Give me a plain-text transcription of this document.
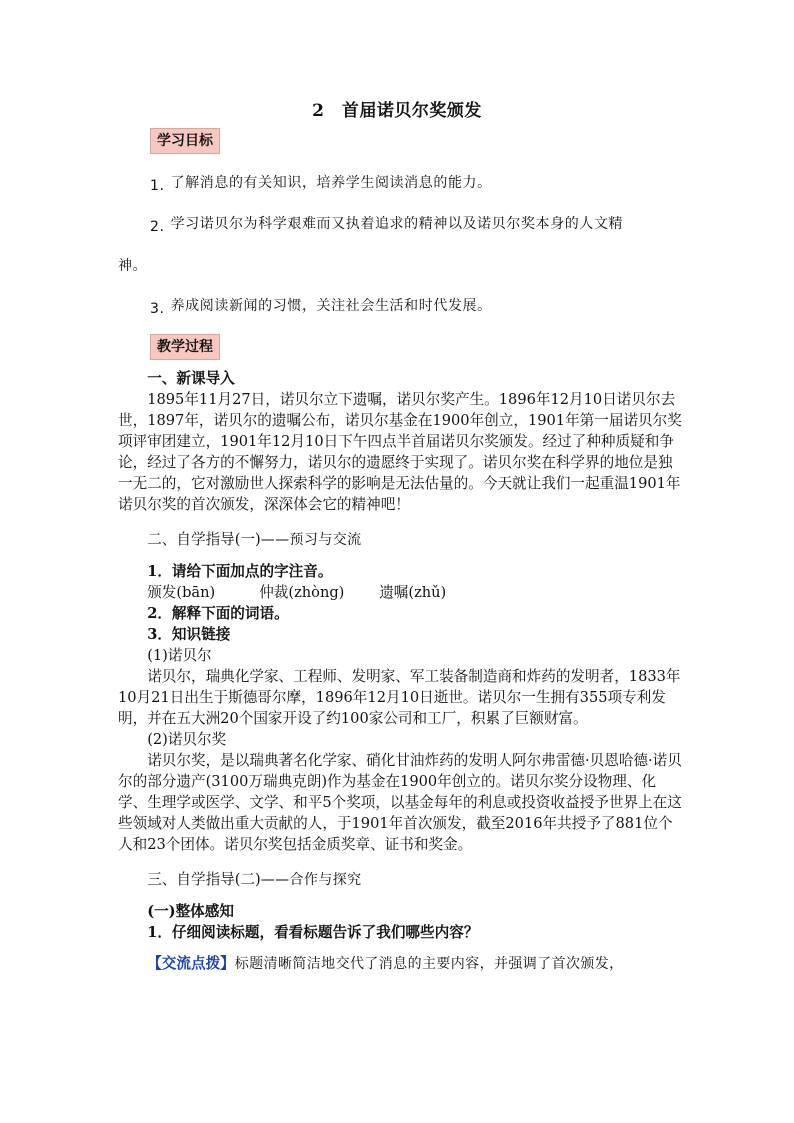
2　首届诺贝尔奖颁发
学习目标
1. 了解消息的有关知识，培养学生阅读消息的能力。
2. 学习诺贝尔为科学艰难而又执着追求的精神以及诺贝尔奖本身的人文精
神。
3. 养成阅读新闻的习惯，关注社会生活和时代发展。
教学过程

一、新课导入

1895年11月27日，诺贝尔立下遗嘱，诺贝尔奖产生。1896年12月10日诺贝尔去世，1897年，诺贝尔的遗嘱公布，诺贝尔基金在1900年创立，1901年第一届诺贝尔奖项评审团建立，1901年12月10日下午四点半首届诺贝尔奖颁发。经过了种种质疑和争论，经过了各方的不懈努力，诺贝尔的遗愿终于实现了。诺贝尔奖在科学界的地位是独一无二的，它对激励世人探索科学的影响是无法估量的。今天就让我们一起重温1901年诺贝尔奖的首次颁发，深深体会它的精神吧！

二、自学指导(一)——预习与交流

1．请给下面加点的字注音。

颁发(bān)	仲裁(zhòng) 遗嘱(zhǔ)

2．解释下面的词语。

3．知识链接

(1)诺贝尔

诺贝尔，瑞典化学家、工程师、发明家、军工装备制造商和炸药的发明者，1833年10月21日出生于斯德哥尔摩，1896年12月10日逝世。诺贝尔一生拥有355项专利发明，并在五大洲20个国家开设了约100家公司和工厂，积累了巨额财富。

(2)诺贝尔奖

诺贝尔奖，是以瑞典著名化学家、硝化甘油炸药的发明人阿尔弗雷德·贝恩哈德·诺贝尔的部分遗产(3100万瑞典克朗)作为基金在1900年创立的。诺贝尔奖分设物理、化学、生理学或医学、文学、和平5个奖项，以基金每年的利息或投资收益授予世界上在这些领域对人类做出重大贡献的人，于1901年首次颁发，截至2016年共授予了881位个人和23个团体。诺贝尔奖包括金质奖章、证书和奖金。

三、自学指导(二)——合作与探究

(一)整体感知

1．仔细阅读标题，看看标题告诉了我们哪些内容？

【交流点拨】标题清晰简洁地交代了消息的主要内容，并强调了首次颁发，
